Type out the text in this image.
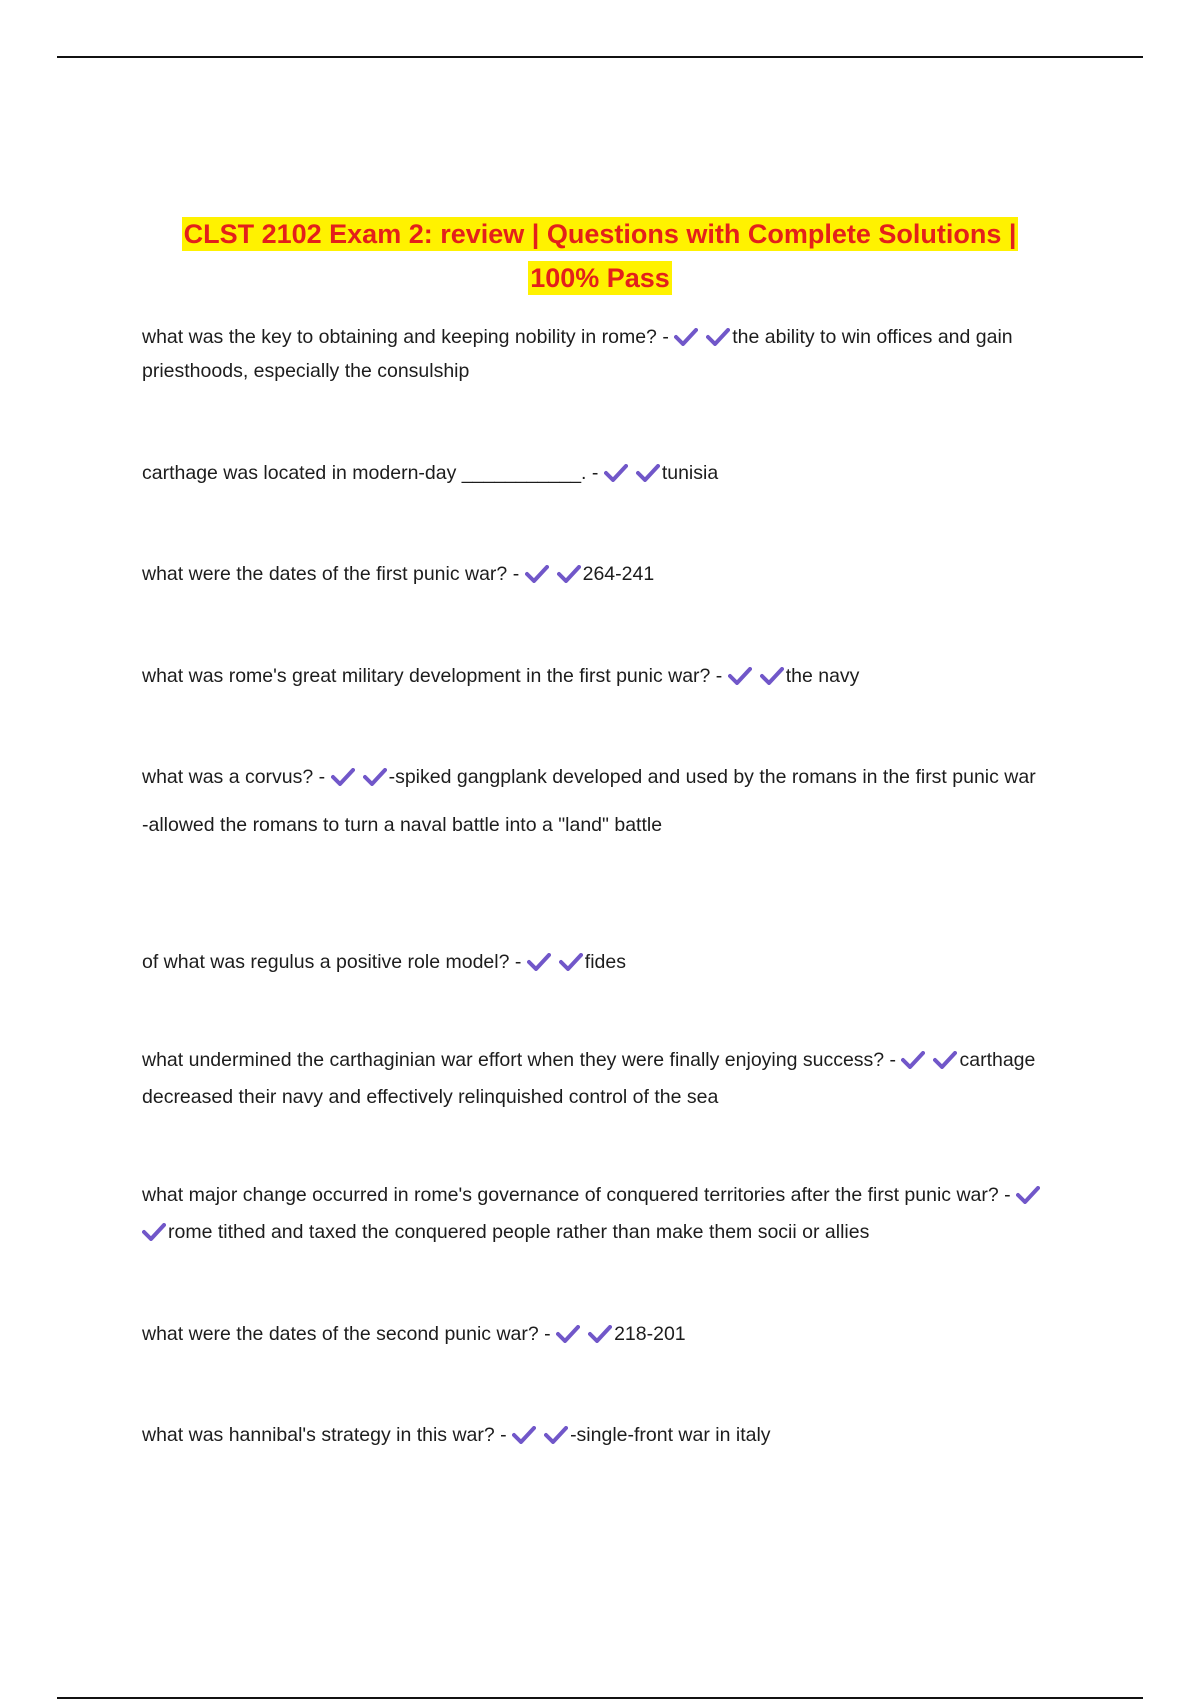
CLST 2102 Exam 2: review | Questions with Complete Solutions |
100% Pass

what was the key to obtaining and keeping nobility in rome? -	the ability to win offices and gain priesthoods, especially the consulship

carthage was located in modern-day ___________. -	tunisia

what were the dates of the first punic war? -	264-241

what was rome's great military development in the first punic war? -	the navy

what was a corvus? -	-spiked gangplank developed and used by the romans in the first punic war

-allowed the romans to turn a naval battle into a "land" battle

of what was regulus a positive role model? -	fides

what undermined the carthaginian war effort when they were finally enjoying success? -	carthage decreased their navy and effectively relinquished control of the sea

what major change occurred in rome's governance of conquered territories after the first punic war? -
rome tithed and taxed the conquered people rather than make them socii or allies

what were the dates of the second punic war? -	218-201

what was hannibal's strategy in this war? -	-single-front war in italy
